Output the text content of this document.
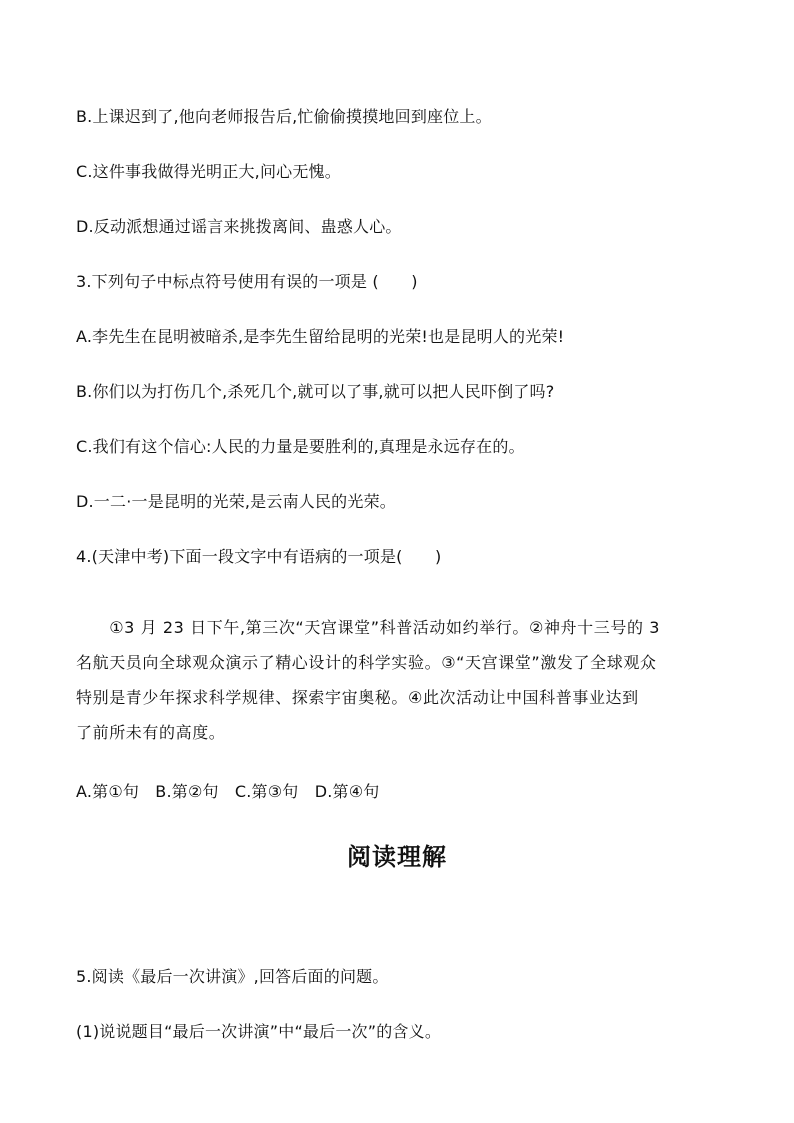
B.上课迟到了,他向老师报告后,忙偷偷摸摸地回到座位上。
C.这件事我做得光明正大,问心无愧。
D.反动派想通过谣言来挑拨离间、蛊惑人心。
3.下列句子中标点符号使用有误的一项是 (　　)
A.李先生在昆明被暗杀,是李先生留给昆明的光荣!也是昆明人的光荣!
B.你们以为打伤几个,杀死几个,就可以了事,就可以把人民吓倒了吗?
C.我们有这个信心:人民的力量是要胜利的,真理是永远存在的。
D.一二·一是昆明的光荣,是云南人民的光荣。
4.(天津中考)下面一段文字中有语病的一项是(　　)
　　①3 月 23 日下午,第三次“天宫课堂”科普活动如约举行。②神舟十三号的 3
名航天员向全球观众演示了精心设计的科学实验。③“天宫课堂”激发了全球观众
特别是青少年探求科学规律、探索宇宙奥秘。④此次活动让中国科普事业达到
了前所未有的高度。
A.第①句　B.第②句　C.第③句　D.第④句
阅读理解
5.阅读《最后一次讲演》,回答后面的问题。
(1)说说题目“最后一次讲演”中“最后一次”的含义。
